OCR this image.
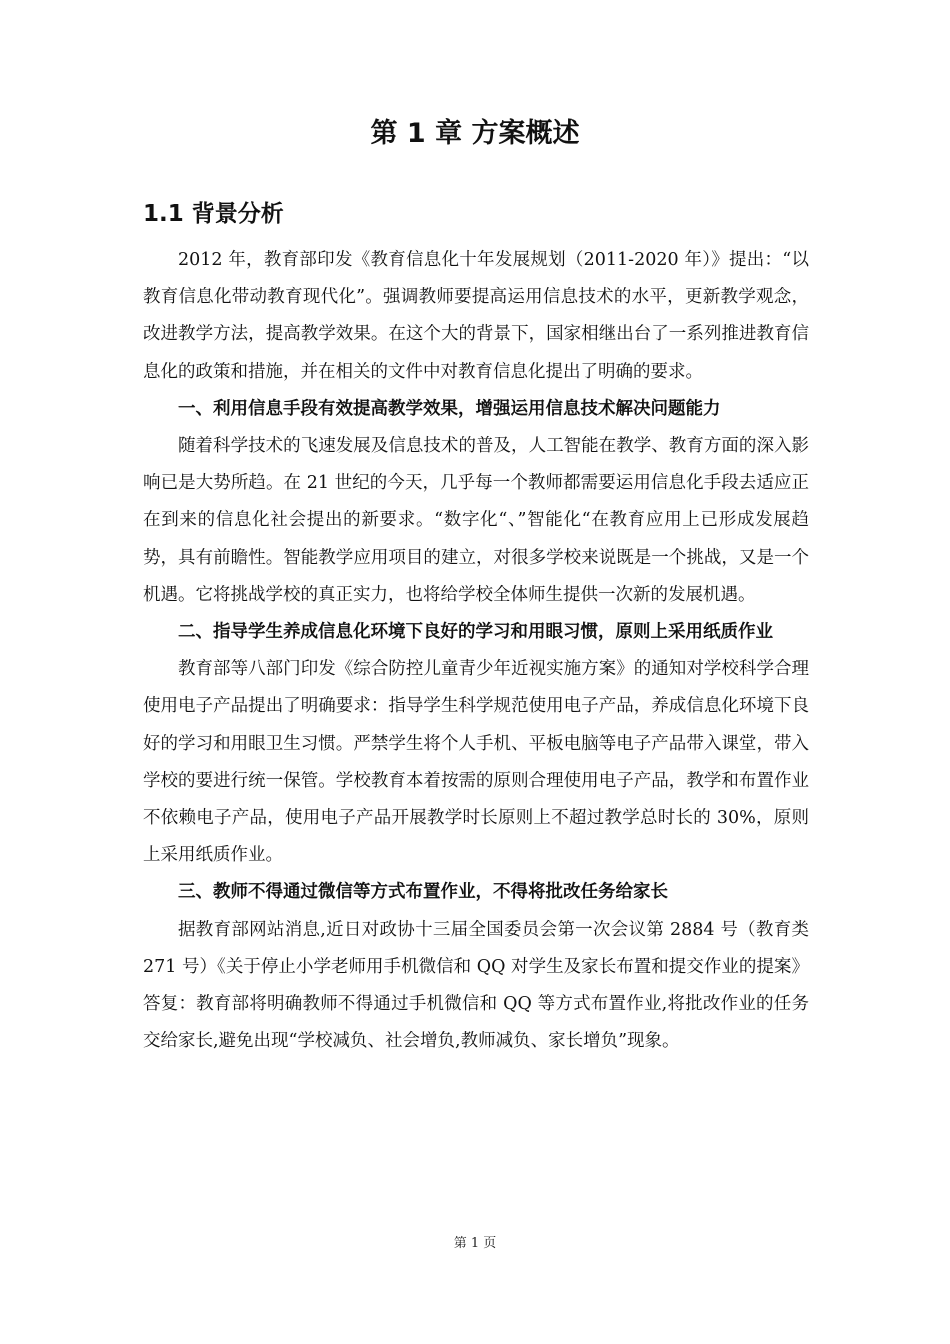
第 1 章 方案概述
1.1 背景分析

2012 年，教育部印发《教育信息化十年发展规划（2011-2020 年）》提出：“以教育信息化带动教育现代化”。强调教师要提高运用信息技术的水平，更新教学观念，改进教学方法，提高教学效果。在这个大的背景下，国家相继出台了一系列推进教育信息化的政策和措施，并在相关的文件中对教育信息化提出了明确的要求。

一、利用信息手段有效提高教学效果，增强运用信息技术解决问题能力

随着科学技术的飞速发展及信息技术的普及，人工智能在教学、教育方面的深入影响已是大势所趋。在 21 世纪的今天，几乎每一个教师都需要运用信息化手段去适应正在到来的信息化社会提出的新要求。“数字化“、”智能化“在教育应用上已形成发展趋势，具有前瞻性。智能教学应用项目的建立，对很多学校来说既是一个挑战，又是一个机遇。它将挑战学校的真正实力，也将给学校全体师生提供一次新的发展机遇。

二、指导学生养成信息化环境下良好的学习和用眼习惯，原则上采用纸质作业

教育部等八部门印发《综合防控儿童青少年近视实施方案》的通知对学校科学合理使用电子产品提出了明确要求：指导学生科学规范使用电子产品，养成信息化环境下良好的学习和用眼卫生习惯。严禁学生将个人手机、平板电脑等电子产品带入课堂，带入学校的要进行统一保管。学校教育本着按需的原则合理使用电子产品，教学和布置作业不依赖电子产品，使用电子产品开展教学时长原则上不超过教学总时长的 30%，原则上采用纸质作业。

三、教师不得通过微信等方式布置作业，不得将批改任务给家长

据教育部网站消息,近日对政协十三届全国委员会第一次会议第 2884 号（教育类 271 号）《关于停止小学老师用手机微信和 QQ 对学生及家长布置和提交作业的提案》答复：教育部将明确教师不得通过手机微信和 QQ 等方式布置作业,将批改作业的任务交给家长,避免出现“学校减负、社会增负,教师减负、家长增负”现象。

第 1 页
